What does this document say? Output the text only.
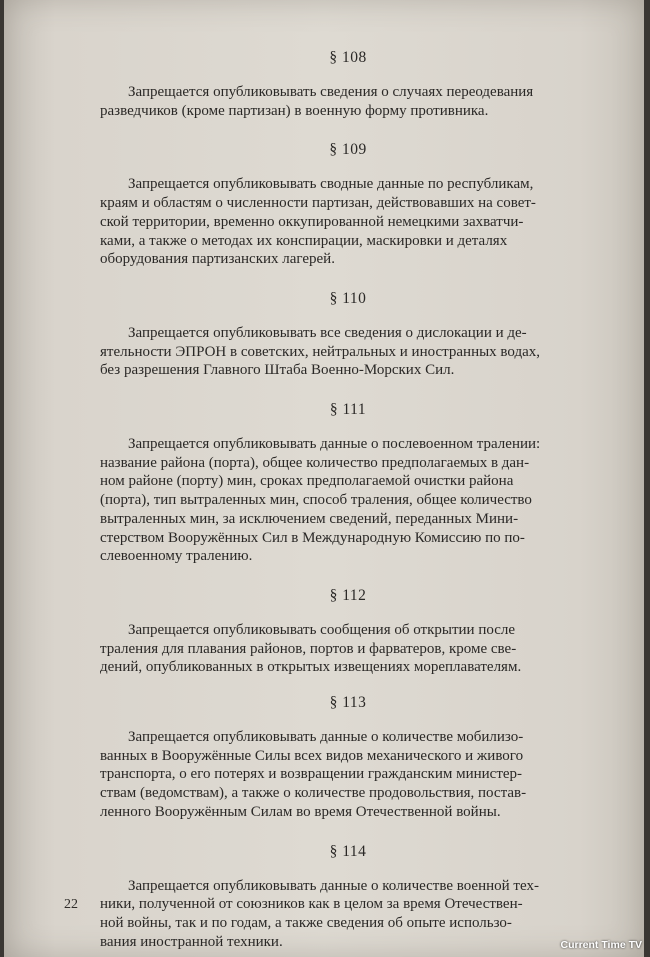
§ 108

Запрещается опубликовывать сведения о случаях переодевания
разведчиков (кроме партизан) в военную форму противника.

§ 109

Запрещается опубликовывать сводные данные по республикам,
краям и областям о численности партизан, действовавших на совет-
ской территории, временно оккупированной немецкими захватчи-
ками, а также о методах их конспирации, маскировки и деталях
оборудования партизанских лагерей.

§ 110

Запрещается опубликовывать все сведения о дислокации и де-
ятельности ЭПРОН в советских, нейтральных и иностранных водах,
без разрешения Главного Штаба Военно-Морских Сил.

§ 111

Запрещается опубликовывать данные о послевоенном тралении:
название района (порта), общее количество предполагаемых в дан-
ном районе (порту) мин, сроках предполагаемой очистки района
(порта), тип вытраленных мин, способ траления, общее количество
вытраленных мин, за исключением сведений, переданных Мини-
стерством Вооружённых Сил в Международную Комиссию по по-
слевоенному тралению.

§ 112

Запрещается опубликовывать сообщения об открытии после
траления для плавания районов, портов и фарватеров, кроме све-
дений, опубликованных в открытых извещениях мореплавателям.

§ 113

Запрещается опубликовывать данные о количестве мобилизо-
ванных в Вооружённые Силы всех видов механического и живого
транспорта, о его потерях и возвращении гражданским министер-
ствам (ведомствам), а также о количестве продовольствия, постав-
ленного Вооружённым Силам во время Отечественной войны.

§ 114

Запрещается опубликовывать данные о количестве военной тех-
ники, полученной от союзников как в целом за время Отечествен-
ной войны, так и по годам, а также сведения об опыте использо-
вания иностранной техники.

22
Current Time TV
